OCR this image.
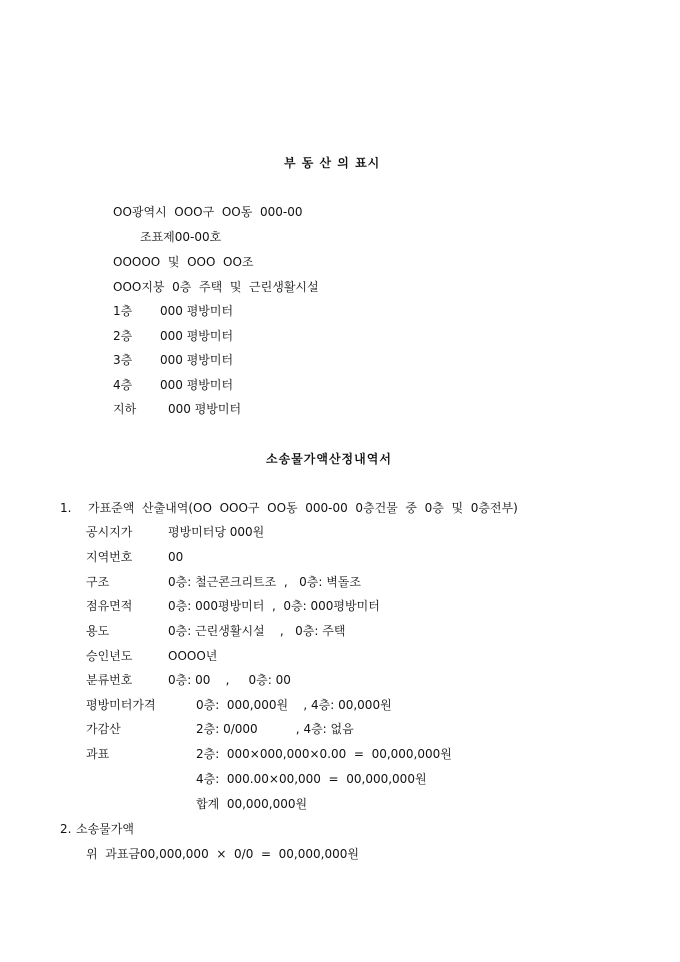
부 동 산 의 표시
OO광역시  OOO구  OO동  000-00
조표제00-00호
OOOOO  및  OOO  OO조
OOO지붕  0층  주택  및  근린생활시설
1층 000 평방미터
2층 000 평방미터
3층 000 평방미터
4층 000 평방미터
지하	000 평방미터
소송물가액산정내역서
1. 가표준액  산출내역(OO  OOO구  OO동  000-00  0층건물  중  0층  및  0층전부)
공시지가	평방미터당 000원
지역번호	00
구조	0층: 철근콘크리트조  ,   0층: 벽돌조
점유면적	0층: 000평방미터  ,  0층: 000평방미터
용도	0층: 근린생활시설    ,   0층: 주택
승인년도	OOOO년
분류번호	0층: 00    ,     0층: 00
평방미터가격	0층:  000,000원    , 4층: 00,000원
가감산	2층: 0/000          , 4층: 없음
과표	2층:  000×000,000×0.00  =  00,000,000원
4층:  000.00×00,000  =  00,000,000원
합계  00,000,000원
2. 소송물가액
위  과표금00,000,000  ×  0/0  =  00,000,000원
